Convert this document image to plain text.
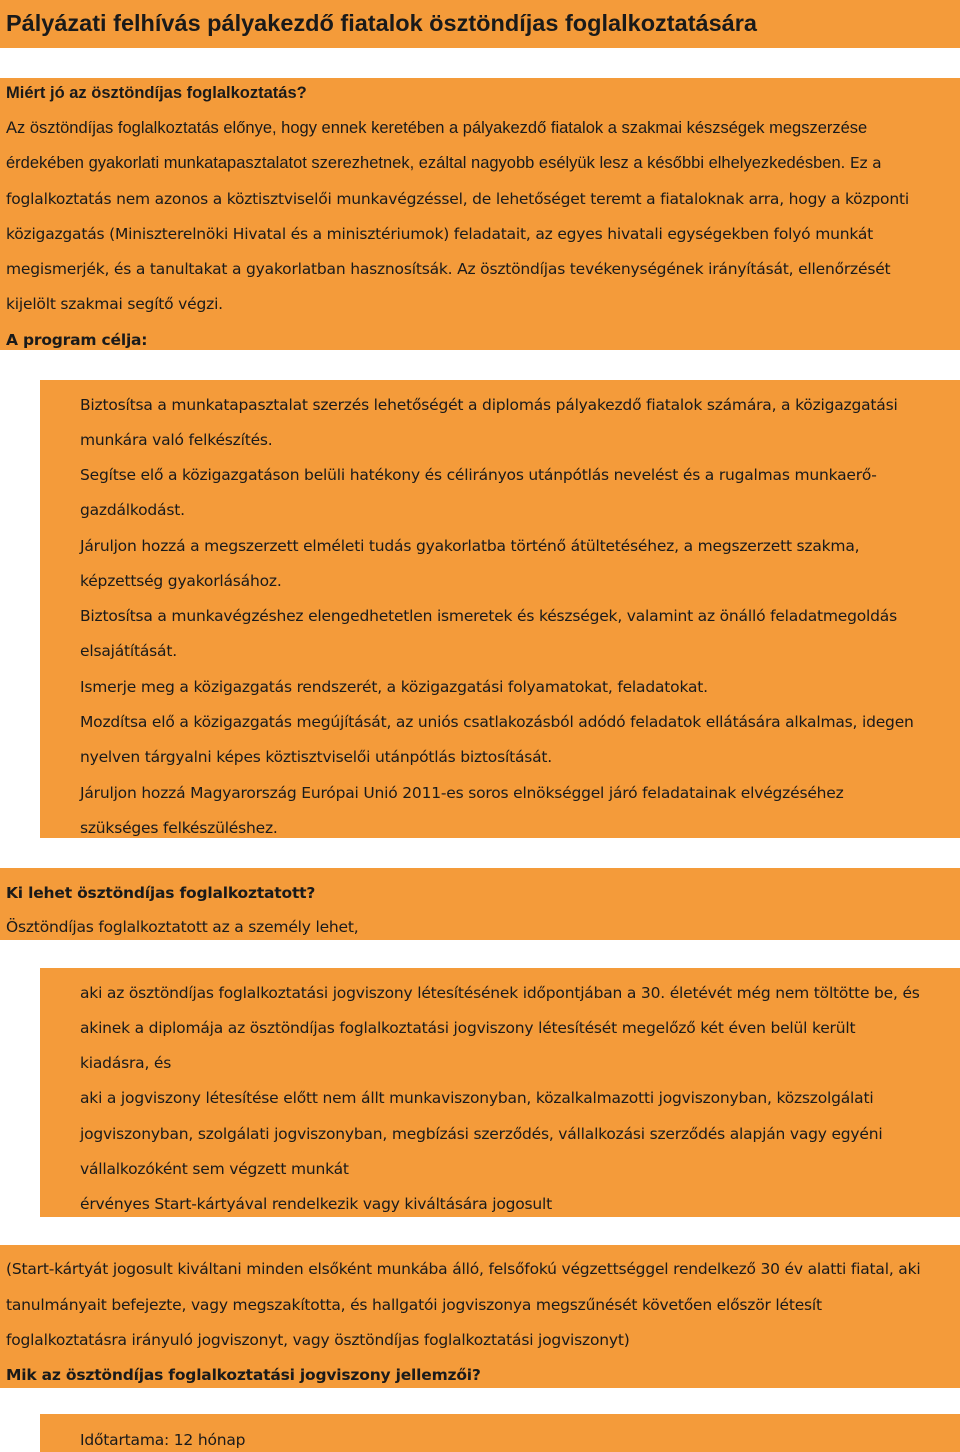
Pályázati felhívás pályakezdő fiatalok ösztöndíjas foglalkoztatására
Miért jó az ösztöndíjas foglalkoztatás?
Az ösztöndíjas foglalkoztatás előnye, hogy ennek keretében a pályakezdő fiatalok a szakmai készségek megszerzése
érdekében gyakorlati munkatapasztalatot szerezhetnek, ezáltal nagyobb esélyük lesz a későbbi elhelyezkedésben. Ez a
foglalkoztatás nem azonos a köztisztviselői munkavégzéssel, de lehetőséget teremt a fiataloknak arra, hogy a központi
közigazgatás (Miniszterelnöki Hivatal és a minisztériumok) feladatait, az egyes hivatali egységekben folyó munkát
megismerjék, és a tanultakat a gyakorlatban hasznosítsák. Az ösztöndíjas tevékenységének irányítását, ellenőrzését
kijelölt szakmai segítő végzi.
A program célja:
Biztosítsa a munkatapasztalat szerzés lehetőségét a diplomás pályakezdő fiatalok számára, a közigazgatási
munkára való felkészítés.
Segítse elő a közigazgatáson belüli hatékony és célirányos utánpótlás nevelést és a rugalmas munkaerő-
gazdálkodást.
Járuljon hozzá a megszerzett elméleti tudás gyakorlatba történő átültetéséhez, a megszerzett szakma,
képzettség gyakorlásához.
Biztosítsa a munkavégzéshez elengedhetetlen ismeretek és készségek, valamint az önálló feladatmegoldás
elsajátítását.
Ismerje meg a közigazgatás rendszerét, a közigazgatási folyamatokat, feladatokat.
Mozdítsa elő a közigazgatás megújítását, az uniós csatlakozásból adódó feladatok ellátására alkalmas, idegen
nyelven tárgyalni képes köztisztviselői utánpótlás biztosítását.
Járuljon hozzá Magyarország Európai Unió 2011-es soros elnökséggel járó feladatainak elvégzéséhez
szükséges felkészüléshez.
Ki lehet ösztöndíjas foglalkoztatott?
Ösztöndíjas foglalkoztatott az a személy lehet,
aki az ösztöndíjas foglalkoztatási jogviszony létesítésének időpontjában a 30. életévét még nem töltötte be, és
akinek a diplomája az ösztöndíjas foglalkoztatási jogviszony létesítését megelőző két éven belül került
kiadásra, és
aki a jogviszony létesítése előtt nem állt munkaviszonyban, közalkalmazotti jogviszonyban, közszolgálati
jogviszonyban, szolgálati jogviszonyban, megbízási szerződés, vállalkozási szerződés alapján vagy egyéni
vállalkozóként sem végzett munkát
érvényes Start-kártyával rendelkezik vagy kiváltására jogosult
(Start-kártyát jogosult kiváltani minden elsőként munkába álló, felsőfokú végzettséggel rendelkező 30 év alatti fiatal, aki
tanulmányait befejezte, vagy megszakította, és hallgatói jogviszonya megszűnését követően először létesít
foglalkoztatásra irányuló jogviszonyt, vagy ösztöndíjas foglalkoztatási jogviszonyt)
Mik az ösztöndíjas foglalkoztatási jogviszony jellemzői?
Időtartama: 12 hónap
